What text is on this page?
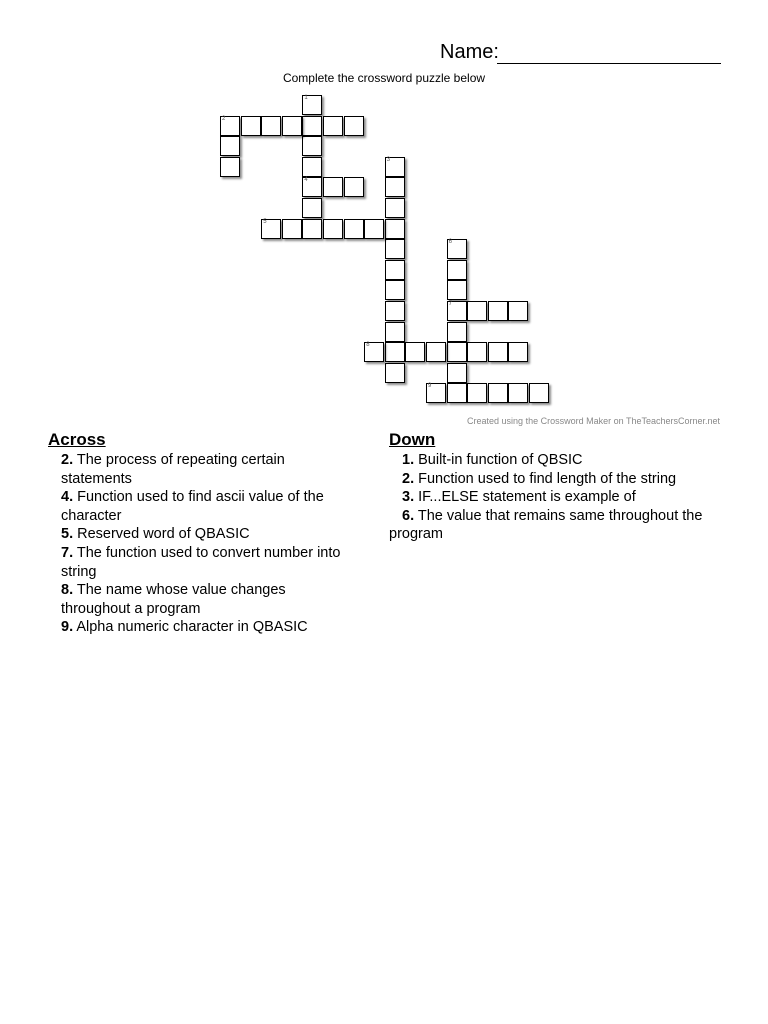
Name:
Complete the crossword puzzle below
1
4
2
3
5
6
7
8
9
Created using the Crossword Maker on TheTeachersCorner.net
Across
2. The process of repeating certain statements
4. Function used to find ascii value of the character
5. Reserved word of QBASIC
7. The function used to convert number into string
8. The name whose value changes throughout a program
9. Alpha numeric character in QBASIC
Down
1. Built-in function of QBSIC
2. Function used to find length of the string
3. IF...ELSE statement is example of
6. The value that remains same throughout the program
